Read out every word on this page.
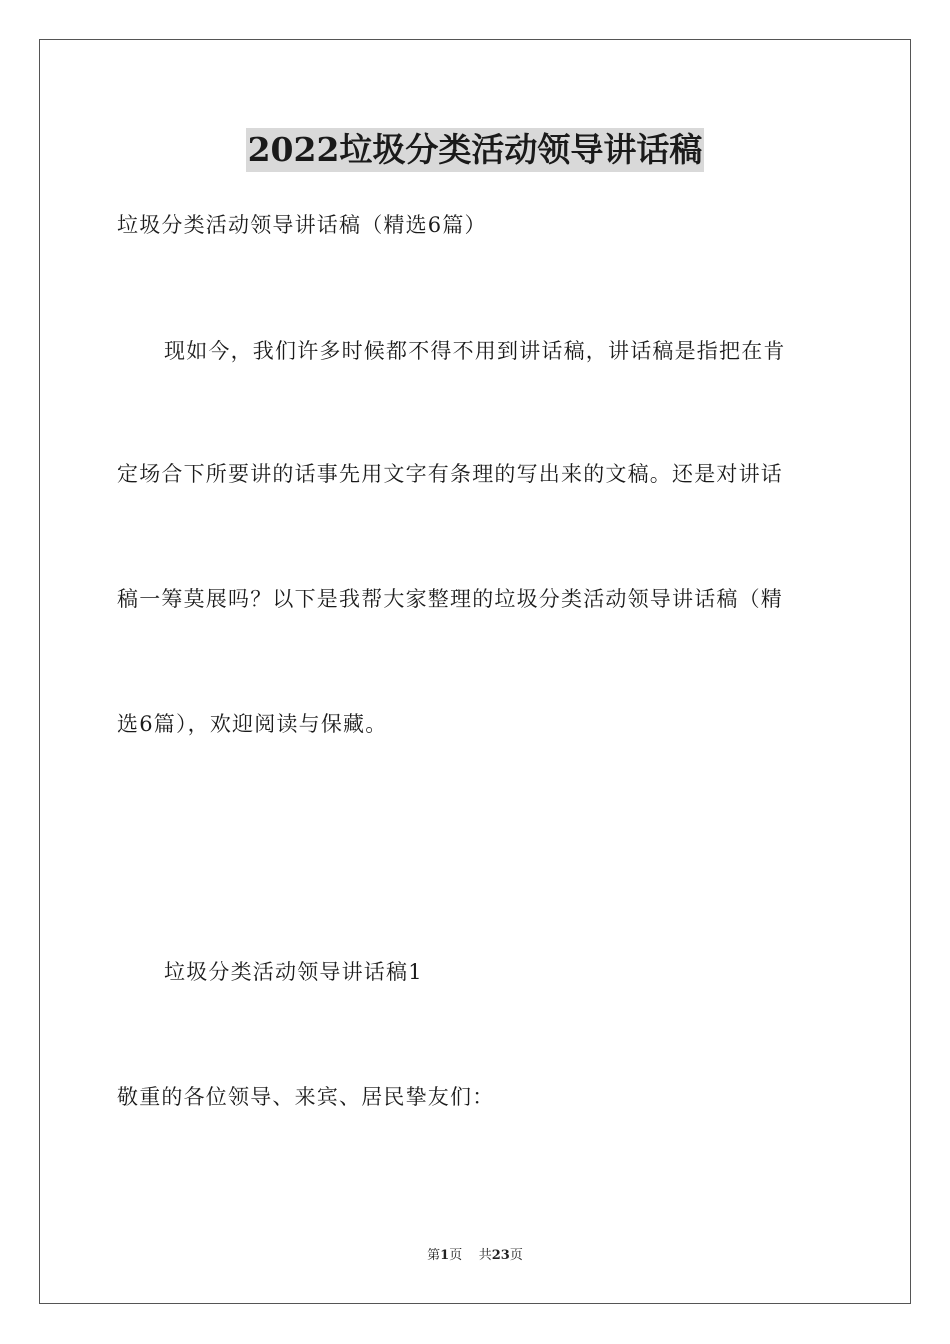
2022垃圾分类活动领导讲话稿
垃圾分类活动领导讲话稿（精选6篇）
现如今，我们许多时候都不得不用到讲话稿，讲话稿是指把在肯
定场合下所要讲的话事先用文字有条理的写出来的文稿。还是对讲话
稿一筹莫展吗？以下是我帮大家整理的垃圾分类活动领导讲话稿（精
选6篇），欢迎阅读与保藏。
垃圾分类活动领导讲话稿1
敬重的各位领导、来宾、居民挚友们：
第1页 共23页
